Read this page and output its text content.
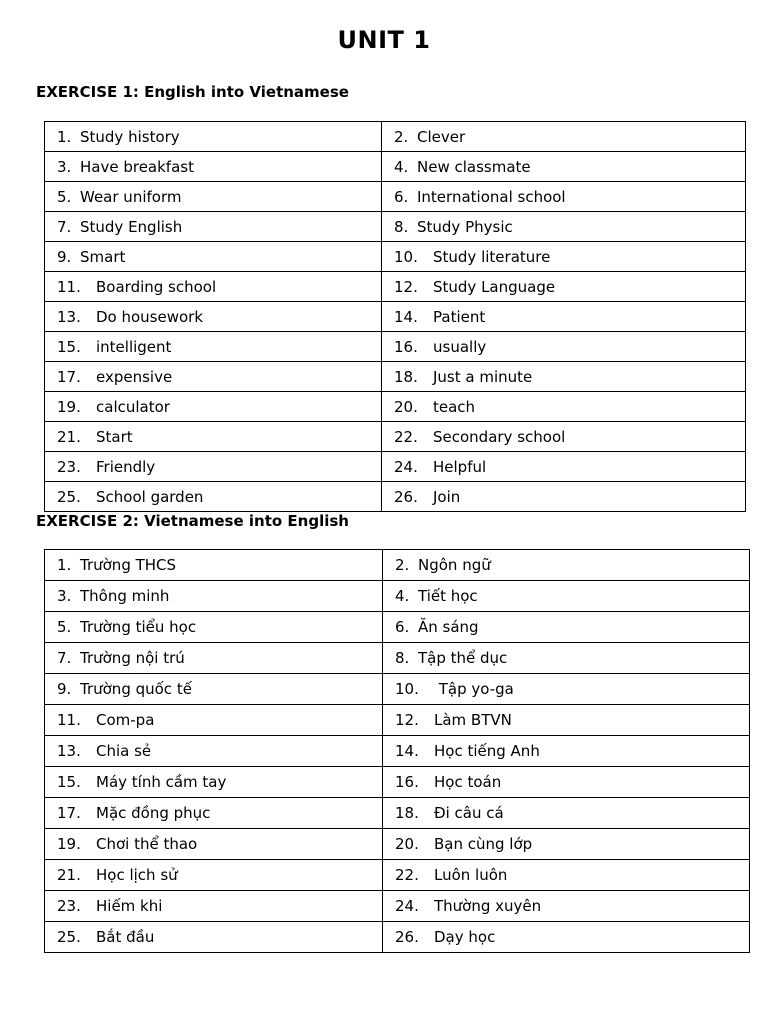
UNIT 1
EXERCISE 1: English into Vietnamese
1. Study history	2. Clever
3. Have breakfast	4. New classmate
5. Wear uniform	6. International school
7. Study English	8. Study Physic
9. Smart	10. Study literature
11. Boarding school	12. Study Language
13. Do housework	14. Patient
15. intelligent	16. usually
17. expensive	18. Just a minute
19. calculator	20. teach
21. Start	22. Secondary school
23. Friendly	24. Helpful
25. School garden	26. Join
EXERCISE 2: Vietnamese into English
1. Trường THCS	2. Ngôn ngữ
3. Thông minh	4. Tiết học
5. Trường tiểu học	6. Ăn sáng
7. Trường nội trú	8. Tập thể dục
9. Trường quốc tế	10. Tập yo-ga
11. Com-pa	12. Làm BTVN
13. Chia sẻ	14. Học tiếng Anh
15. Máy tính cầm tay	16. Học toán
17. Mặc đồng phục	18. Đi câu cá
19. Chơi thể thao	20. Bạn cùng lớp
21. Học lịch sử	22. Luôn luôn
23. Hiếm khi	24. Thường xuyên
25. Bắt đầu	26. Dạy học
